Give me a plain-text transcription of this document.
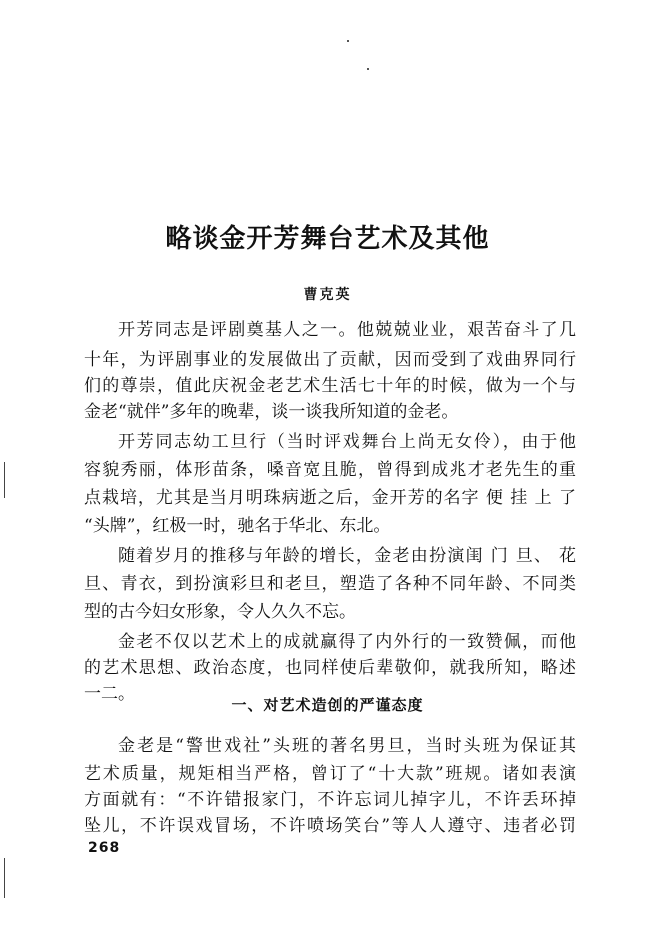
略谈金开芳舞台艺术及其他
曹克英
开芳同志是评剧奠基人之一。他兢兢业业，艰苦奋斗了几
十年，为评剧事业的发展做出了贡献，因而受到了戏曲界同行
们的尊崇，值此庆祝金老艺术生活七十年的时候，做为一个与
金老“就伴”多年的晚辈，谈一谈我所知道的金老。
开芳同志幼工旦行（当时评戏舞台上尚无女伶），由于他
容貌秀丽，体形苗条，嗓音宽且脆，曾得到成兆才老先生的重
点栽培，尤其是当月明珠病逝之后，金开芳的名字 便 挂 上 了
“头牌”，红极一时，驰名于华北、东北。
随着岁月的推移与年龄的增长，金老由扮演闺 门 旦、 花
旦、青衣，到扮演彩旦和老旦，塑造了各种不同年龄、不同类
型的古今妇女形象，令人久久不忘。
金老不仅以艺术上的成就赢得了内外行的一致赞佩，而他
的艺术思想、政治态度，也同样使后辈敬仰，就我所知，略述
一二。
一、对艺术造创的严谨态度
金老是“警世戏社”头班的著名男旦，当时头班为保证其
艺术质量，规矩相当严格，曾订了“十大款”班规。诸如表演
方面就有：“不许错报家门，不许忘词儿掉字儿，不许丢环掉
坠儿，不许误戏冒场，不许喷场笑台”等人人遵守、违者必罚
268
